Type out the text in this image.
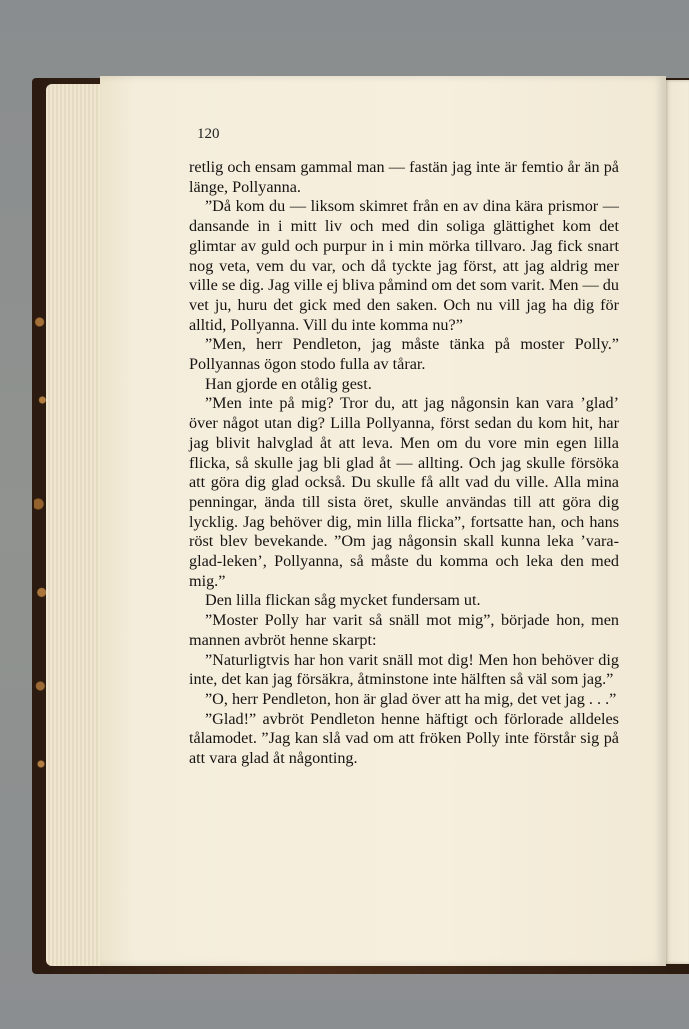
120

retlig och ensam gammal man — fastän jag inte är femtio år än på länge, Pollyanna.

”Då kom du — liksom skimret från en av dina kära prismor — dansande in i mitt liv och med din soliga glättighet kom det glimtar av guld och purpur in i min mörka tillvaro. Jag fick snart nog veta, vem du var, och då tyckte jag först, att jag aldrig mer ville se dig. Jag ville ej bliva påmind om det som varit. Men — du vet ju, huru det gick med den saken. Och nu vill jag ha dig för alltid, Pollyanna. Vill du inte komma nu?”

”Men, herr Pendleton, jag måste tänka på moster Polly.” Pollyannas ögon stodo fulla av tårar.

Han gjorde en otålig gest.

”Men inte på mig? Tror du, att jag någonsin kan vara ’glad’ över något utan dig? Lilla Pollyanna, först sedan du kom hit, har jag blivit halvglad åt att leva. Men om du vore min egen lilla flicka, så skulle jag bli glad åt — allting. Och jag skulle försöka att göra dig glad också. Du skulle få allt vad du ville. Alla mina penningar, ända till sista öret, skulle användas till att göra dig lycklig. Jag behöver dig, min lilla flicka”, fortsatte han, och hans röst blev bevekande. ”Om jag någonsin skall kunna leka ’vara-glad-leken’, Pollyanna, så måste du komma och leka den med mig.”

Den lilla flickan såg mycket fundersam ut.

”Moster Polly har varit så snäll mot mig”, började hon, men mannen avbröt henne skarpt:

”Naturligtvis har hon varit snäll mot dig! Men hon behöver dig inte, det kan jag försäkra, åtminstone inte hälften så väl som jag.”

”O, herr Pendleton, hon är glad över att ha mig, det vet jag . . .”

”Glad!” avbröt Pendleton henne häftigt och förlorade alldeles tålamodet. ”Jag kan slå vad om att fröken Polly inte förstår sig på att vara glad åt någonting.
